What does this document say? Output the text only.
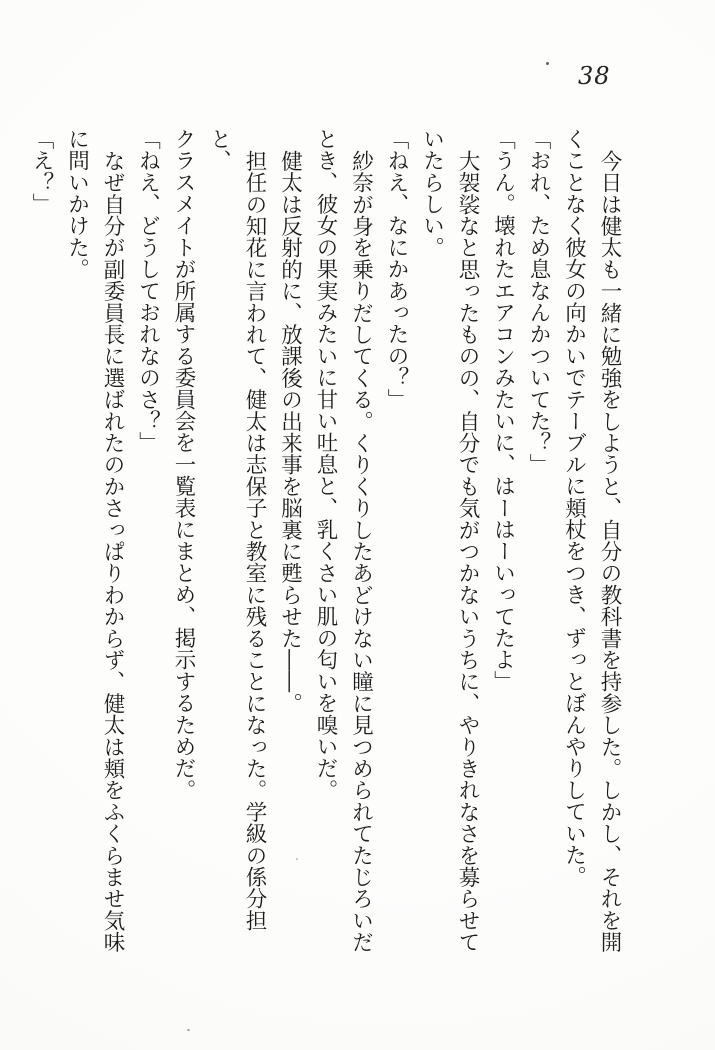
38
今日は健太も一緒に勉強をしようと、自分の教科書を持参した。しかし、それを開
くことなく彼女の向かいでテーブルに頬杖をつき、ずっとぼんやりしていた。
「おれ、ため息なんかついてた？」
「うん。壊れたエアコンみたいに、はーはーいってたよ」
大袈裟なと思ったものの、自分でも気がつかないうちに、やりきれなさを募らせて
いたらしい。
「ねえ、なにかあったの？」
紗奈が身を乗りだしてくる。くりくりしたあどけない瞳に見つめられてたじろいだ
とき、彼女の果実みたいに甘い吐息と、乳くさい肌の匂いを嗅いだ。
健太は反射的に、放課後の出来事を脳裏に甦らせた――。
担任の知花に言われて、健太は志保子と教室に残ることになった。学級の係分担と、
クラスメイトが所属する委員会を一覧表にまとめ、掲示するためだ。
「ねえ、どうしておれなのさ？」
なぜ自分が副委員長に選ばれたのかさっぱりわからず、健太は頬をふくらませ気味
に問いかけた。
「え？」
